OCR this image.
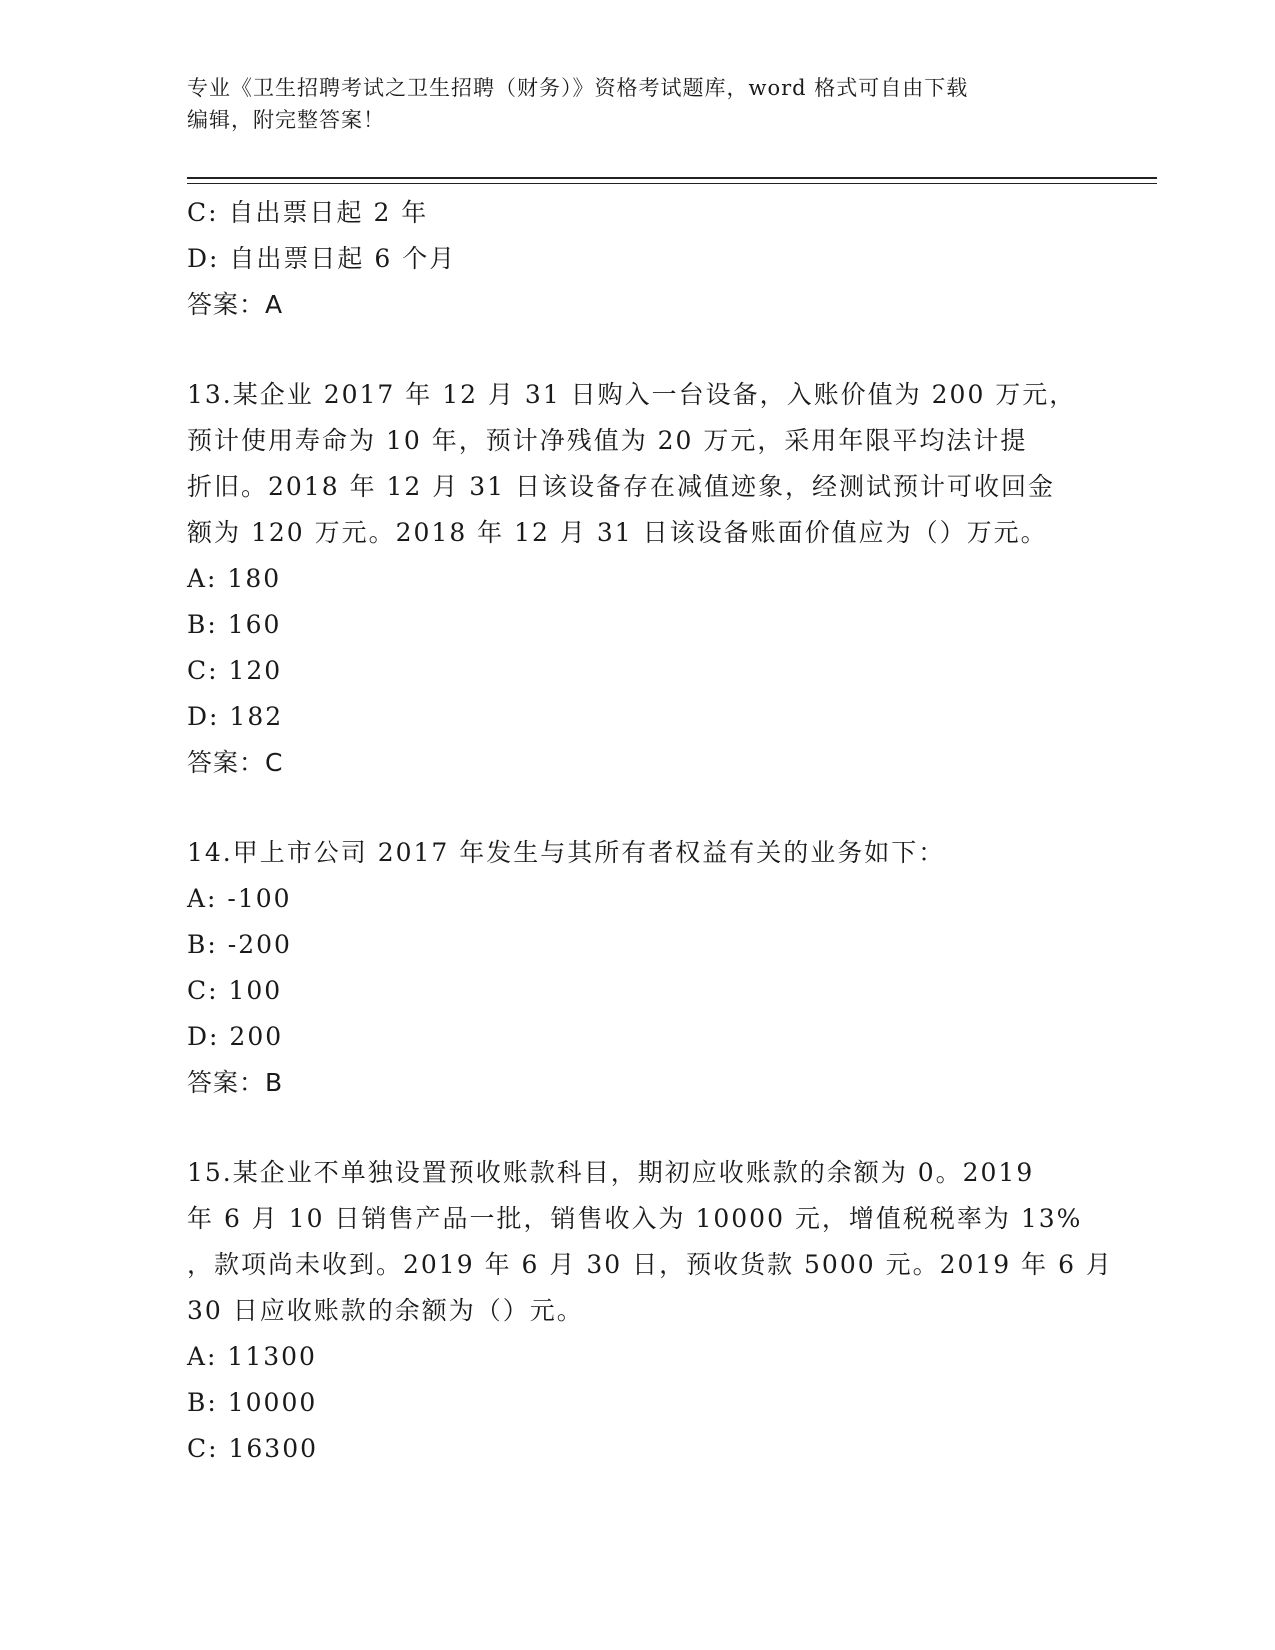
专业《卫生招聘考试之卫生招聘（财务）》资格考试题库，word 格式可自由下载
编辑，附完整答案！
C: 自出票日起 2 年
D: 自出票日起 6 个月
答案：A
13.某企业 2017 年 12 月 31 日购入一台设备，入账价值为 200 万元，
预计使用寿命为 10 年，预计净残值为 20 万元，采用年限平均法计提
折旧。2018 年 12 月 31 日该设备存在减值迹象，经测试预计可收回金
额为 120 万元。2018 年 12 月 31 日该设备账面价值应为（）万元。
A: 180
B: 160
C: 120
D: 182
答案：C
14.甲上市公司 2017 年发生与其所有者权益有关的业务如下：
A: -100
B: -200
C: 100
D: 200
答案：B
15.某企业不单独设置预收账款科目，期初应收账款的余额为 0。2019
年 6 月 10 日销售产品一批，销售收入为 10000 元，增值税税率为 13%
，款项尚未收到。2019 年 6 月 30 日，预收货款 5000 元。2019 年 6 月
30 日应收账款的余额为（）元。
A: 11300
B: 10000
C: 16300
